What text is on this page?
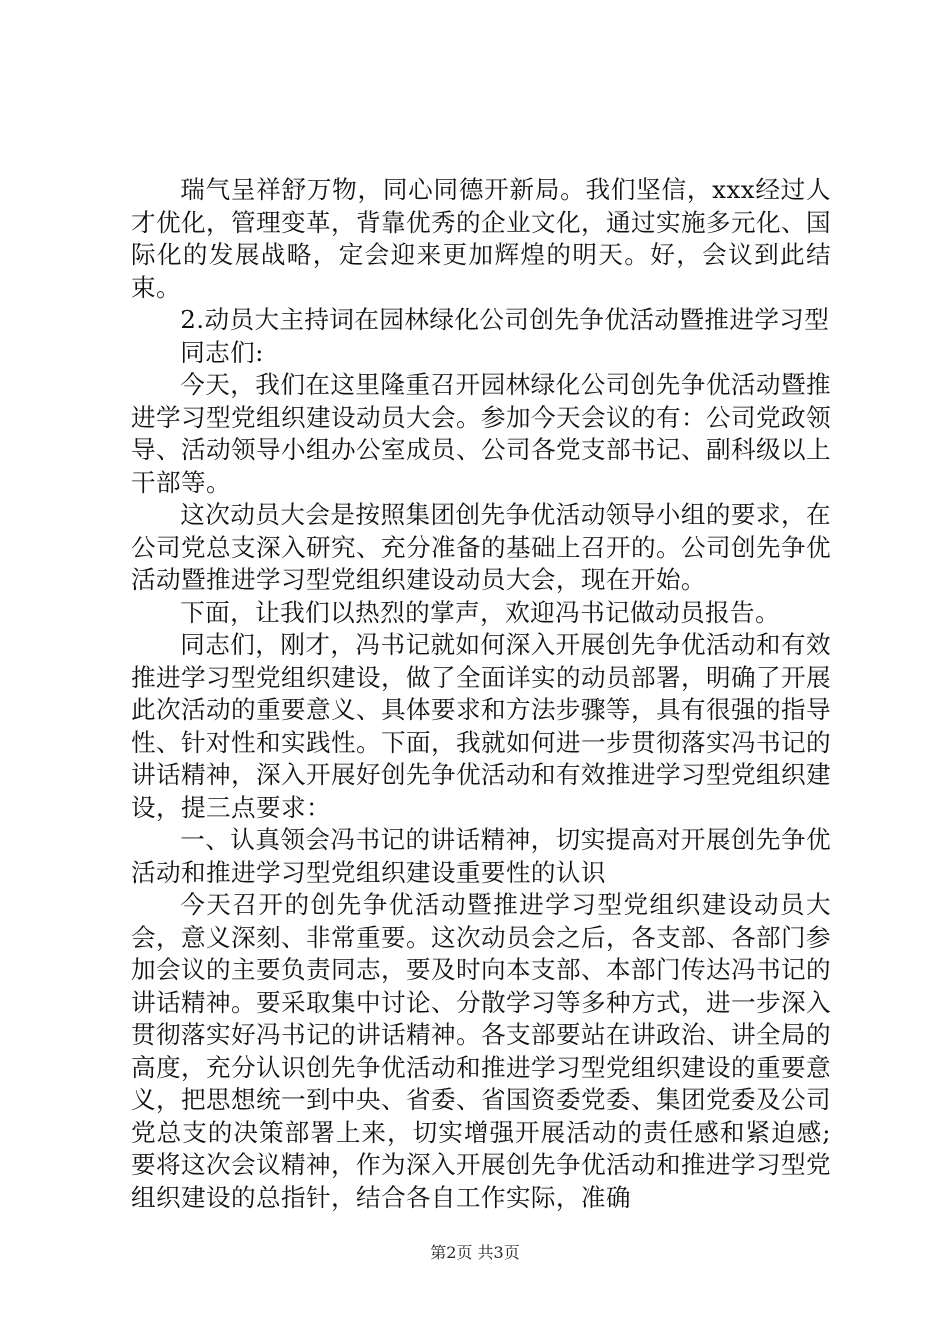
瑞气呈祥舒万物，同心同德开新局。我们坚信，xxx经过人才优化，管理变革，背靠优秀的企业文化，通过实施多元化、国际化的发展战略，定会迎来更加辉煌的明天。好，会议到此结束。

2.动员大主持词在园林绿化公司创先争优活动暨推进学习型

同志们:

今天，我们在这里隆重召开园林绿化公司创先争优活动暨推进学习型党组织建设动员大会。参加今天会议的有：公司党政领导、活动领导小组办公室成员、公司各党支部书记、副科级以上干部等。

这次动员大会是按照集团创先争优活动领导小组的要求，在公司党总支深入研究、充分准备的基础上召开的。公司创先争优活动暨推进学习型党组织建设动员大会，现在开始。

下面，让我们以热烈的掌声，欢迎冯书记做动员报告。

同志们，刚才，冯书记就如何深入开展创先争优活动和有效推进学习型党组织建设，做了全面详实的动员部署，明确了开展此次活动的重要意义、具体要求和方法步骤等，具有很强的指导性、针对性和实践性。下面，我就如何进一步贯彻落实冯书记的讲话精神，深入开展好创先争优活动和有效推进学习型党组织建设，提三点要求：

一、认真领会冯书记的讲话精神，切实提高对开展创先争优活动和推进学习型党组织建设重要性的认识

今天召开的创先争优活动暨推进学习型党组织建设动员大会，意义深刻、非常重要。这次动员会之后，各支部、各部门参加会议的主要负责同志，要及时向本支部、本部门传达冯书记的讲话精神。要采取集中讨论、分散学习等多种方式，进一步深入贯彻落实好冯书记的讲话精神。各支部要站在讲政治、讲全局的高度，充分认识创先争优活动和推进学习型党组织建设的重要意义，把思想统一到中央、省委、省国资委党委、集团党委及公司党总支的决策部署上来，切实增强开展活动的责任感和紧迫感;要将这次会议精神，作为深入开展创先争优活动和推进学习型党组织建设的总指针，结合各自工作实际，准确

第2页 共3页
